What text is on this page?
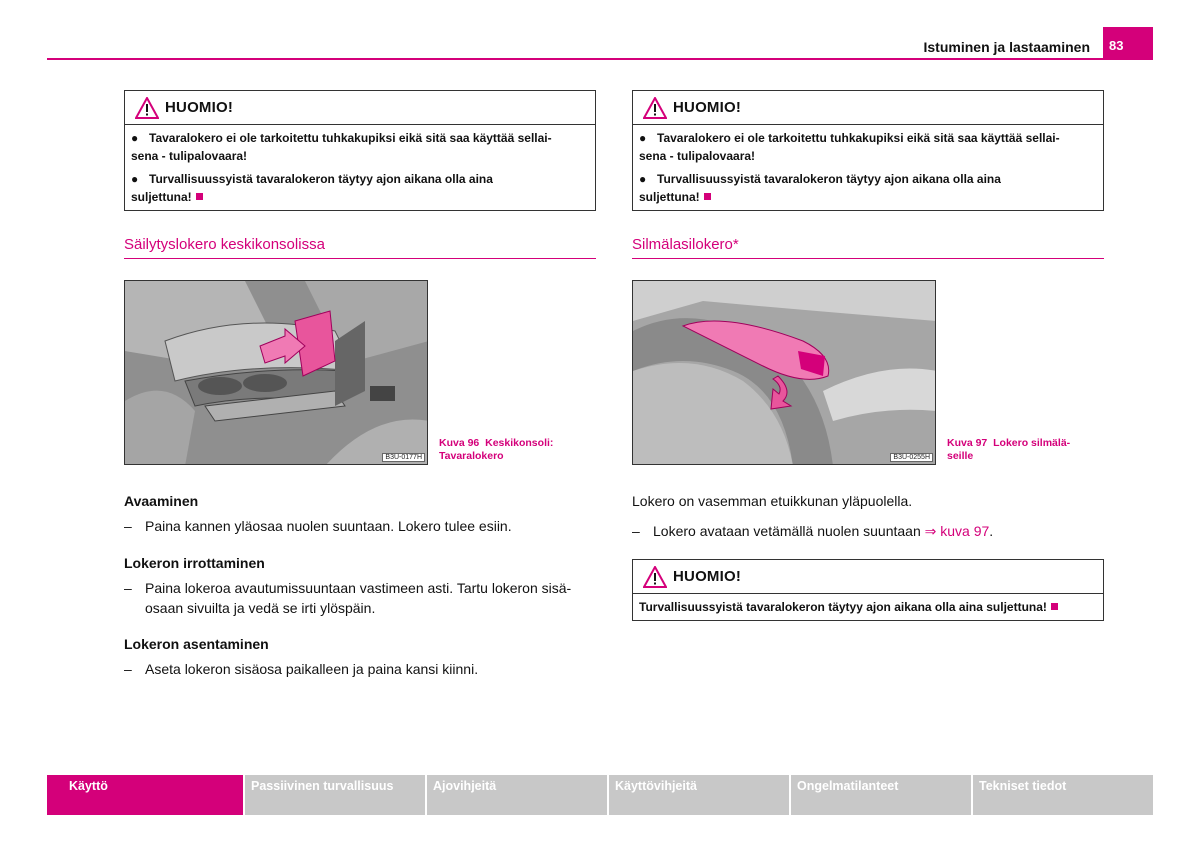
Istuminen ja lastaaminen	83
HUOMIO!

● Tavaralokero ei ole tarkoitettu tuhkakupiksi eikä sitä saa käyttää sellai-
sena - tulipalovaara!

● Turvallisuussyistä tavaralokeron täytyy ajon aikana olla aina
suljettuna!

Säilytyslokero keskikonsolissa
B3U-0177H
Kuva 96 Keskikonsoli:
Tavaralokero
Avaaminen
– Paina kannen yläosaa nuolen suuntaan. Lokero tulee esiin.
Lokeron irrottaminen
– Paina lokeroa avautumissuuntaan vastimeen asti. Tartu lokeron sisä-
osaan sivuilta ja vedä se irti ylöspäin.
Lokeron asentaminen
– Aseta lokeron sisäosa paikalleen ja paina kansi kiinni.
HUOMIO!

● Tavaralokero ei ole tarkoitettu tuhkakupiksi eikä sitä saa käyttää sellai-
sena - tulipalovaara!

● Turvallisuussyistä tavaralokeron täytyy ajon aikana olla aina
suljettuna!

Silmälasilokero*
B3U-0255H
Kuva 97 Lokero silmälä-
seille
Lokero on vasemman etuikkunan yläpuolella.
– Lokero avataan vetämällä nuolen suuntaan ⇒ kuva 97.
HUOMIO!

Turvallisuussyistä tavaralokeron täytyy ajon aikana olla aina suljettuna!

Käyttö	Passiivinen turvallisuus	Ajovihjeitä	Käyttövihjeitä	Ongelmatilanteet	Tekniset tiedot
